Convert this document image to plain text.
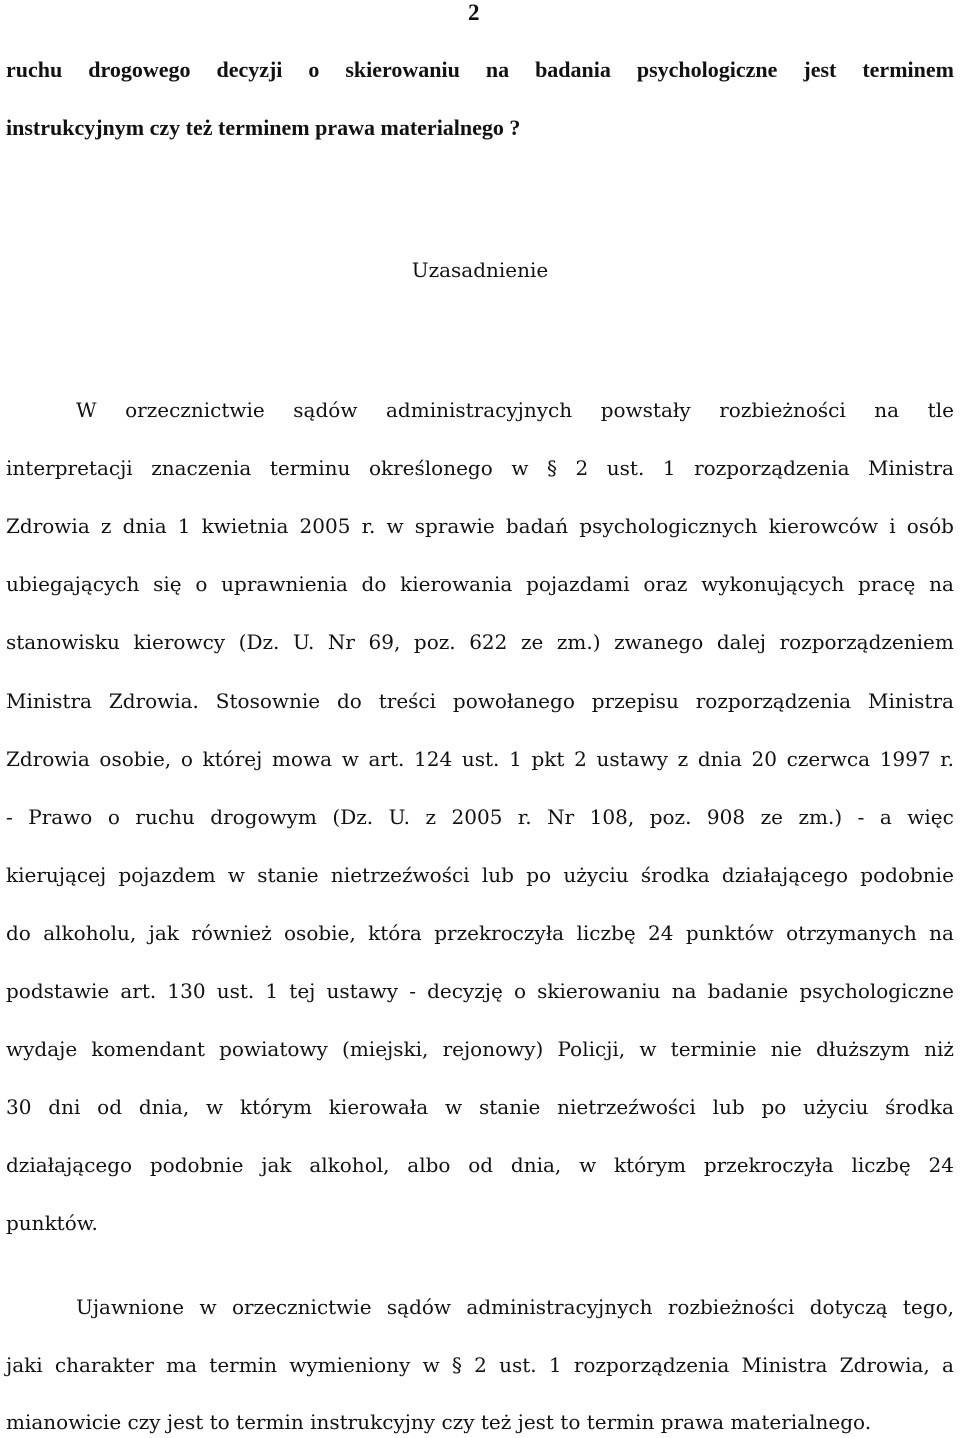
2
ruchu drogowego decyzji o skierowaniu na badania psychologiczne jest terminem
instrukcyjnym czy też terminem prawa materialnego ?
Uzasadnienie
W orzecznictwie sądów administracyjnych powstały rozbieżności na tle
interpretacji znaczenia terminu określonego w § 2 ust. 1 rozporządzenia Ministra
Zdrowia z dnia 1 kwietnia 2005 r. w sprawie badań psychologicznych kierowców i osób
ubiegających się o uprawnienia do kierowania pojazdami oraz wykonujących pracę na
stanowisku kierowcy (Dz. U. Nr 69, poz. 622 ze zm.) zwanego dalej rozporządzeniem
Ministra Zdrowia. Stosownie do treści powołanego przepisu rozporządzenia Ministra
Zdrowia osobie, o której mowa w art. 124 ust. 1 pkt 2 ustawy z dnia 20 czerwca 1997 r.
- Prawo o ruchu drogowym (Dz. U. z 2005 r. Nr 108, poz. 908 ze zm.) - a więc
kierującej pojazdem w stanie nietrzeźwości lub po użyciu środka działającego podobnie
do alkoholu, jak również osobie, która przekroczyła liczbę 24 punktów otrzymanych na
podstawie art. 130 ust. 1 tej ustawy - decyzję o skierowaniu na badanie psychologiczne
wydaje komendant powiatowy (miejski, rejonowy) Policji, w terminie nie dłuższym niż
30 dni od dnia, w którym kierowała w stanie nietrzeźwości lub po użyciu środka
działającego podobnie jak alkohol, albo od dnia, w którym przekroczyła liczbę 24
punktów.
Ujawnione w orzecznictwie sądów administracyjnych rozbieżności dotyczą tego,
jaki charakter ma termin wymieniony w § 2 ust. 1 rozporządzenia Ministra Zdrowia, a
mianowicie czy jest to termin instrukcyjny czy też jest to termin prawa materialnego.
